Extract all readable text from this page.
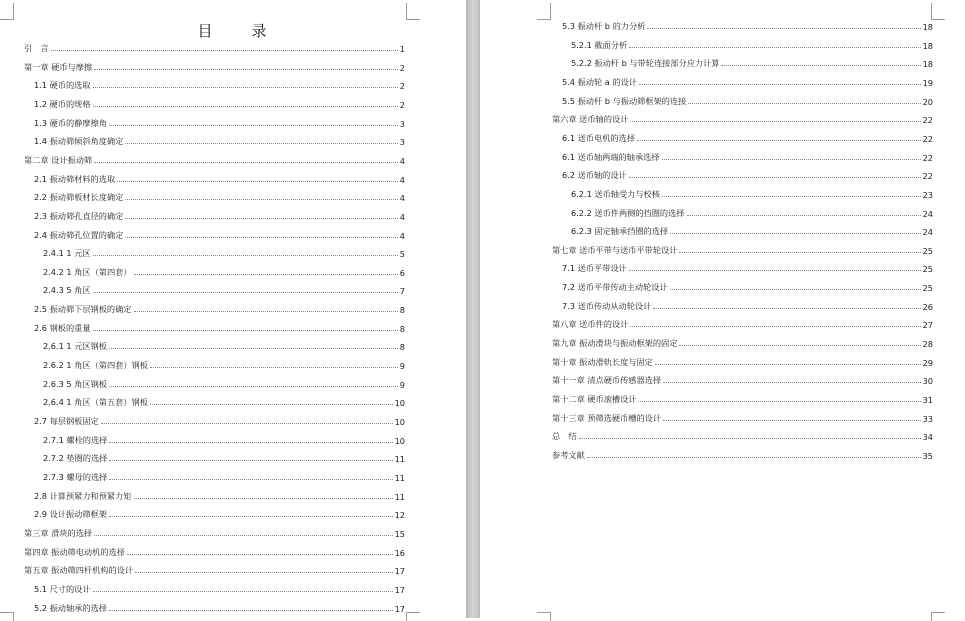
目　录
引　言	1
第一章 硬币与摩擦	2
1.1 硬币的选取	2
1.2 硬币的规格	2
1.3 硬币的静摩擦角	3
1.4 振动筛倾斜角度确定	3
第二章 设计振动筛	4
2.1 振动筛材料的选取	4
2.2 振动筛板材长度确定	4
2.3 振动筛孔直径的确定	4
2.4 振动筛孔位置的确定	4
2.4.1 1 元区	5
2.4.2 1 角区（第四套）	6
2.4.3 5 角区	7
2.5 振动筛下层钢板的确定	8
2.6 钢板的重量	8
2.6.1 1 元区钢板	8
2.6.2 1 角区（第四套）钢板	9
2.6.3 5 角区钢板	9
2.6.4 1 角区（第五套）钢板	10
2.7 每层钢板固定	10
2.7.1 螺栓的选择	10
2.7.2 垫圈的选择	11
2.7.3 螺母的选择	11
2.8 计算预紧力和预紧力矩	11
2.9 设计振动筛框架	12
第三章 滑块的选择	15
第四章 振动筛电动机的选择	16
第五章 振动筛四杆机构的设计	17
5.1 尺寸的设计	17
5.2 振动轴承的选择	17
5.3 振动杆 b 的力分析	18
5.2.1 截面分析	18
5.2.2 振动杆 b 与带轮连接部分应力计算	18
5.4 振动轮 a 的设计	19
5.5 振动杆 b 与振动筛框架的连接	20
第六章 送币轴的设计	22
6.1 送币电机的选择	22
6.1 送币轴两端的轴承选择	22
6.2 送币轴的设计	22
6.2.1 送币轴受力与校核	23
6.2.2 送币件两侧的挡圈的选择	24
6.2.3 固定轴承挡圈的选择	24
第七章 送币平带与送币平带轮设计	25
7.1 送币平带设计	25
7.2 送币平带传动主动轮设计	25
7.3 送币传动从动轮设计	26
第八章 送币件的设计	27
第九章 振动滑块与振动框架的固定	28
第十章 振动滑轨长度与固定	29
第十一章 清点硬币传感器选择	30
第十二章 硬币滚槽设计	31
第十三章 预筛选硬币槽的设计	33
总　结	34
参考文献	35
